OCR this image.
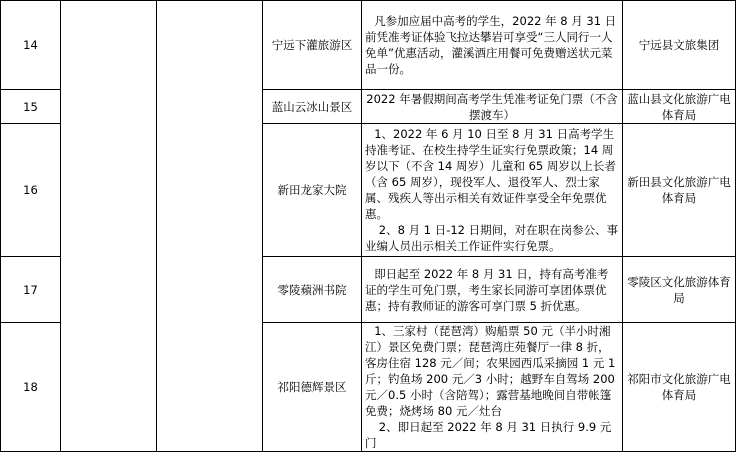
14			宁远下灌旅游区	凡参加应届中高考的学生，2022 年 8 月 31 日前凭准考证体验飞拉达攀岩可享受“三人同行一人免单”优惠活动，灌溪酒庄用餐可免费赠送状元菜品一份。	宁远县文旅集团
15			蓝山云冰山景区	2022 年暑假期间高考学生凭准考证免门票（不含摆渡车）	蓝山县文化旅游广电体育局
16			新田龙家大院	1、2022 年 6 月 10 日至 8 月 31 日高考学生持准考证、在校生持学生证实行免票政策；14 周岁以下（不含 14 周岁）儿童和 65 周岁以上长者（含 65 周岁），现役军人、退役军人、烈士家属、残疾人等出示相关有效证件享受全年免票优惠。
2、8 月 1 日-12 日期间，对在职在岗参公、事业编人员出示相关工作证件实行免票。	新田县文化旅游广电体育局
17			零陵蘋洲书院	即日起至 2022 年 8 月 31 日，持有高考准考证的学生可免门票，考生家长同游可享团体票优惠；持有教师证的游客可享门票 5 折优惠。	零陵区文化旅游体育局
18			祁阳德辉景区	1、三家村（琵琶湾）购船票 50 元（半小时湘江）景区免费门票；琵琶湾庄苑餐厅一律 8 折，客房住宿 128 元／间；农果园西瓜采摘园 1 元 1 斤；钓鱼场 200 元／3 小时；越野车自驾场 200 元／0.5 小时（含陪驾）；露营基地晚间自带帐篷免费；烧烤场 80 元／灶台
2、即日起至 2022 年 8 月 31 日执行 9.9 元门	祁阳市文化旅游广电体育局
